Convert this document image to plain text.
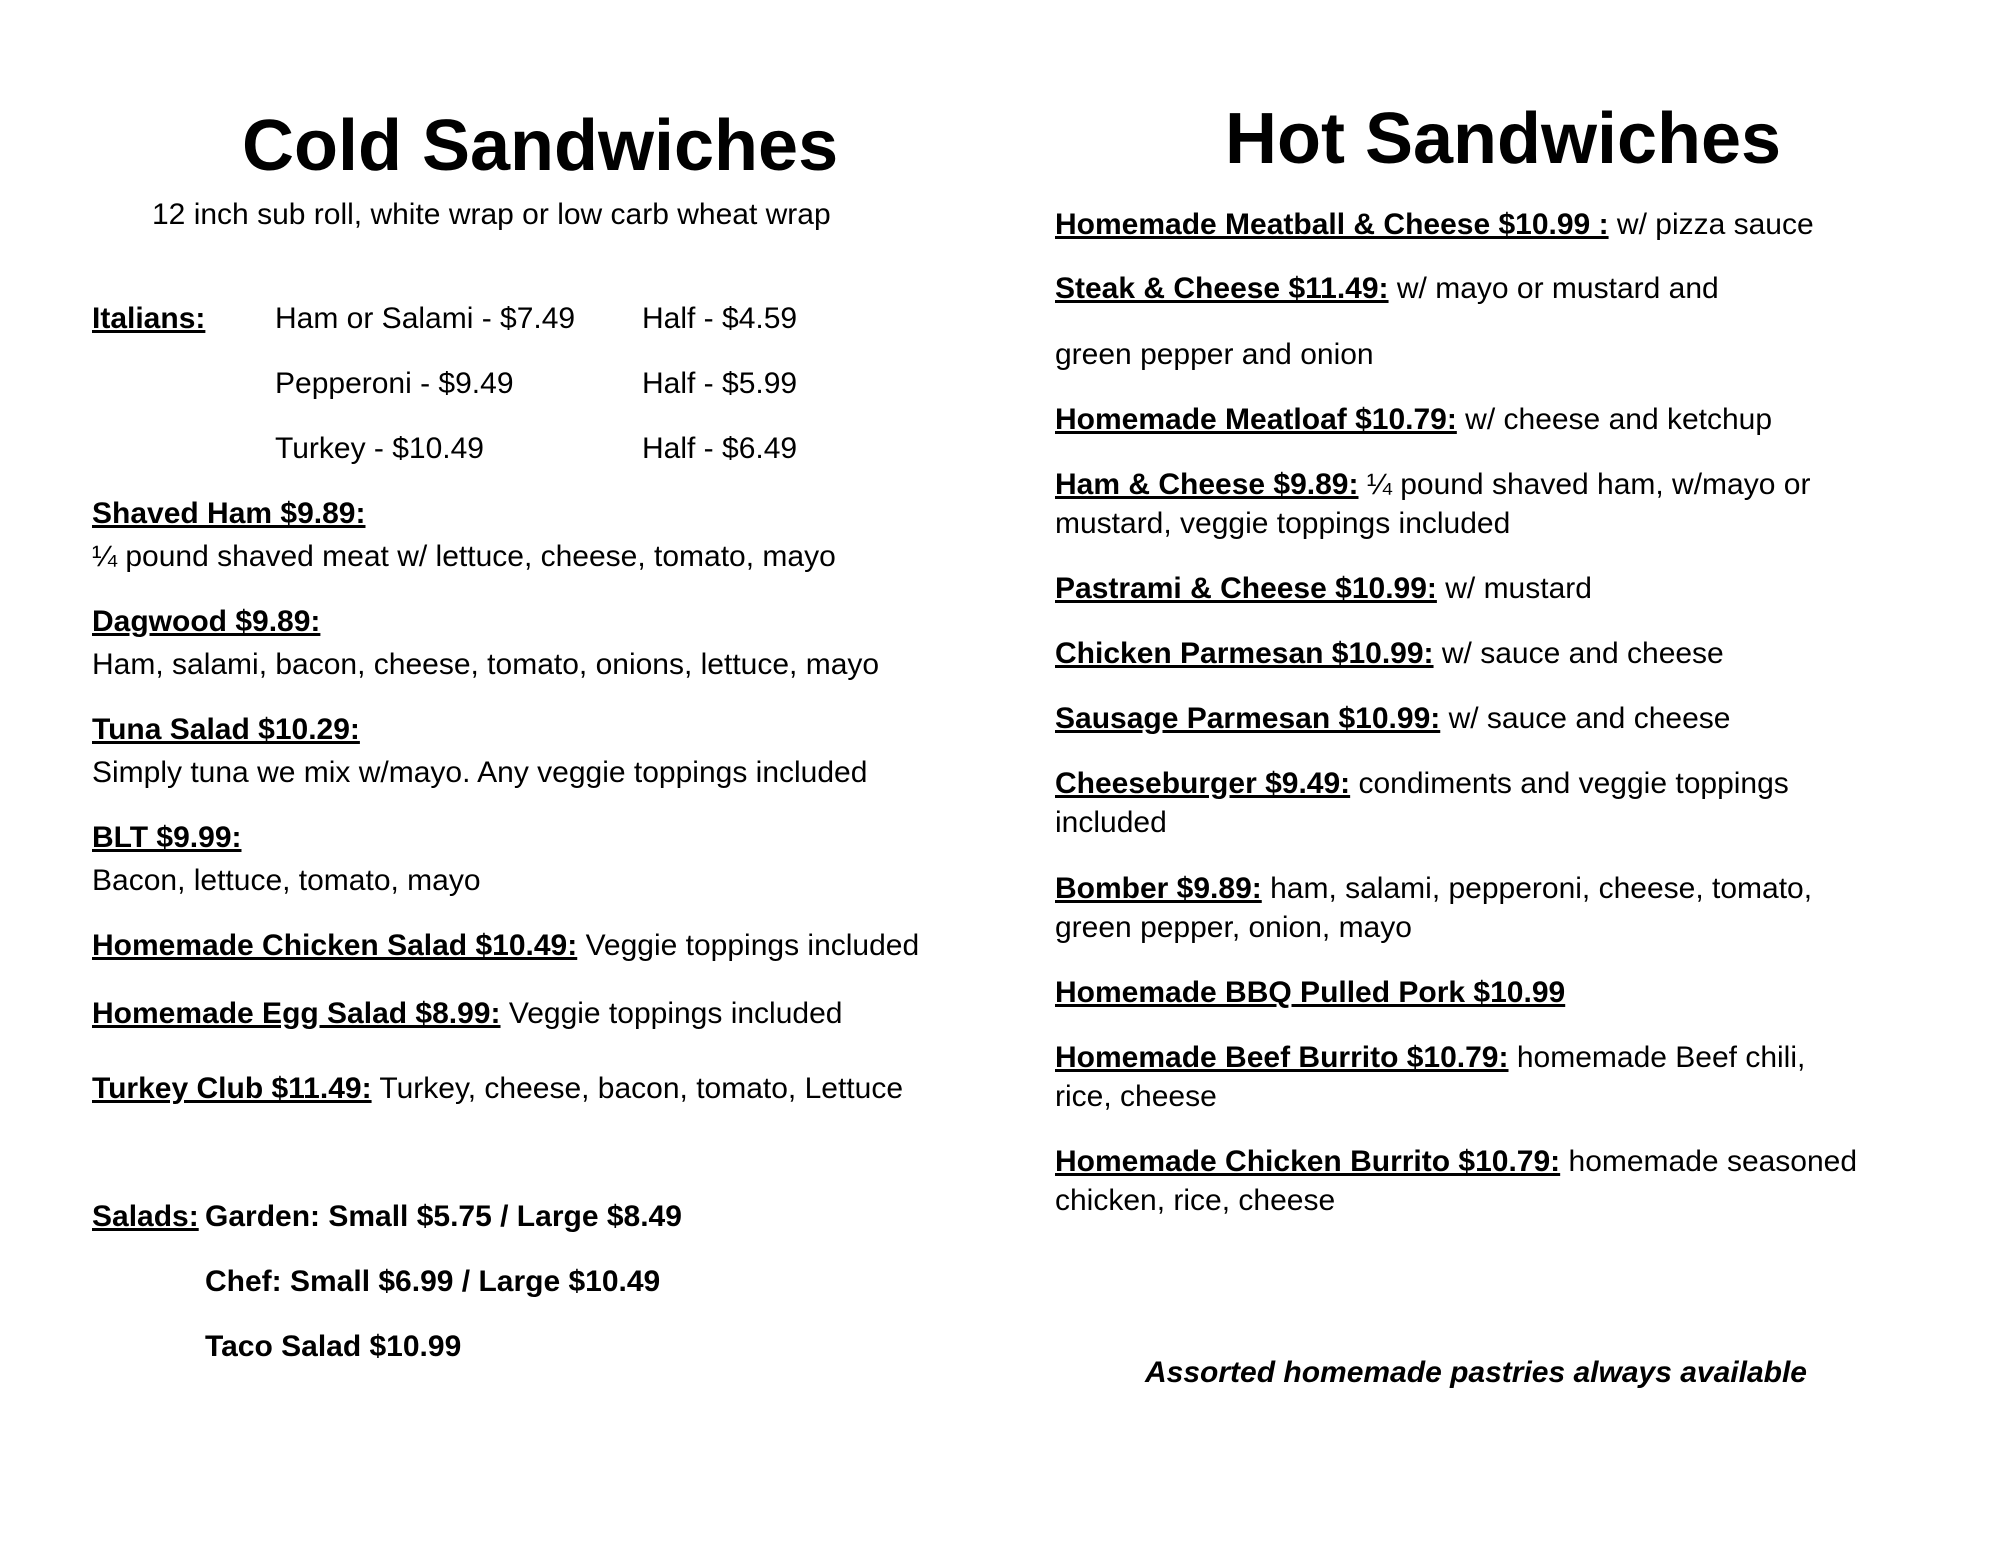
Cold Sandwiches
12 inch sub roll, white wrap or low carb wheat wrap
Italians: Ham or Salami - $7.49 Half - $4.59
Pepperoni - $9.49	Half - $5.99
Turkey - $10.49	Half - $6.49
Shaved Ham $9.89:
¼ pound shaved meat w/ lettuce, cheese, tomato, mayo
Dagwood $9.89:
Ham, salami, bacon, cheese, tomato, onions, lettuce, mayo
Tuna Salad $10.29:
Simply tuna we mix w/mayo. Any veggie toppings included
BLT $9.99:
Bacon, lettuce, tomato, mayo
Homemade Chicken Salad $10.49: Veggie toppings included
Homemade Egg Salad $8.99: Veggie toppings included
Turkey Club $11.49: Turkey, cheese, bacon, tomato, Lettuce
Salads: Garden: Small $5.75 / Large $8.49
Chef: Small $6.99 / Large $10.49
Taco Salad $10.99
Hot Sandwiches
Homemade Meatball & Cheese $10.99 : w/ pizza sauce
Steak & Cheese $11.49: w/ mayo or mustard and
green pepper and onion
Homemade Meatloaf $10.79: w/ cheese and ketchup
Ham & Cheese $9.89: ¼ pound shaved ham, w/mayo or
mustard, veggie toppings included
Pastrami & Cheese $10.99: w/ mustard
Chicken Parmesan $10.99: w/ sauce and cheese
Sausage Parmesan $10.99: w/ sauce and cheese
Cheeseburger $9.49: condiments and veggie toppings
included
Bomber $9.89: ham, salami, pepperoni, cheese, tomato,
green pepper, onion, mayo
Homemade BBQ Pulled Pork $10.99
Homemade Beef Burrito $10.79: homemade Beef chili,
rice, cheese
Homemade Chicken Burrito $10.79: homemade seasoned
chicken, rice, cheese
Assorted homemade pastries always available
